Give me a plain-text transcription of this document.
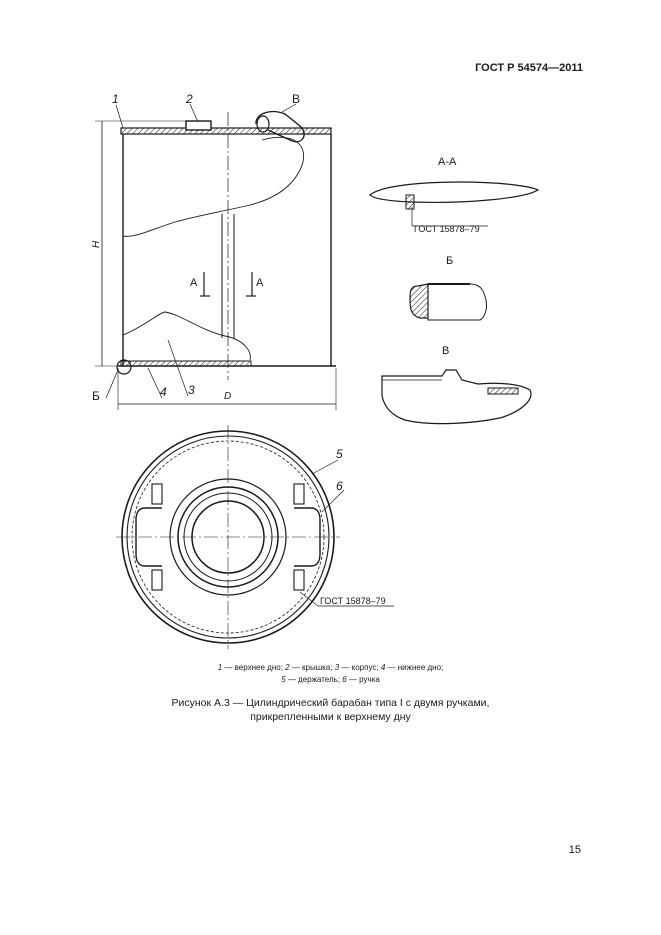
ГОСТ Р 54574—2011
1	2	В
3
4
Б
H
D
А	А
А-А
ГОСТ 15878–79
Б
В
5
6
ГОСТ 15878–79
1 — верхнее дно; 2 — крышка; 3 — корпус; 4 — нижнее дно;
5 — держатель; 6 — ручка
Рисунок А.3 — Цилиндрический барабан типа I с двумя ручками,
прикрепленными к верхнему дну
15
